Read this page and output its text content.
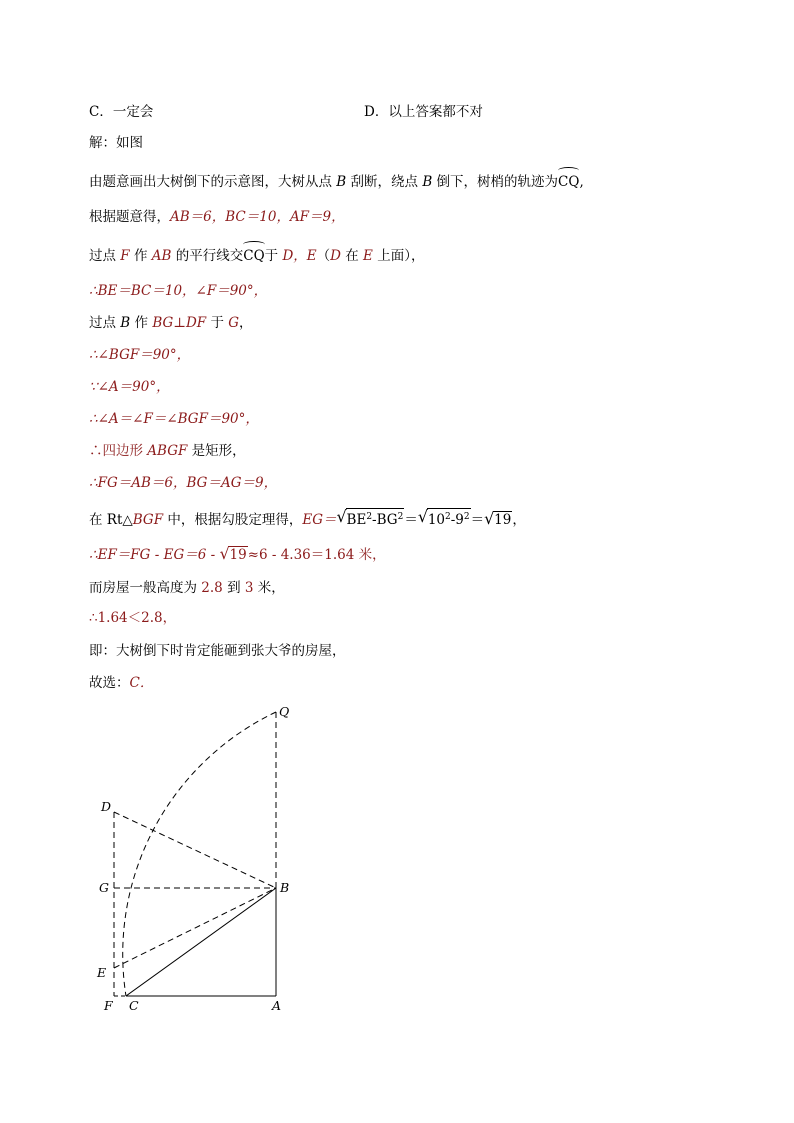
C．一定会	D．以上答案都不对
解：如图
由题意画出大树倒下的示意图，大树从点 B 刮断，绕点 B 倒下，树梢的轨迹为CQ,
根据题意得，AB＝6，BC＝10，AF＝9，
过点 F 作 AB 的平行线交CQ于 D，E（D 在 E 上面），
∴BE＝BC＝10，∠F＝90°，
过点 B 作 BG⊥DF 于 G，
∴∠BGF＝90°，
∵∠A＝90°，
∴∠A＝∠F＝∠BGF＝90°，
∴四边形 ABGF 是矩形，
∴FG＝AB＝6，BG＝AG＝9，
在 Rt△BGF 中，根据勾股定理得，EG＝ √ $BE^2-BG^2=$ √ $10^2-9^2=$ √ 19，
∴EF＝FG - EG＝6 - √ 19≈6 - 4.36＝1.64 米，
而房屋一般高度为 2.8 到 3 米，
∴1.64＜2.8，
即：大树倒下时肯定能砸到张大爷的房屋，
故选：C．
Q
D
G	B
E
F C	A
